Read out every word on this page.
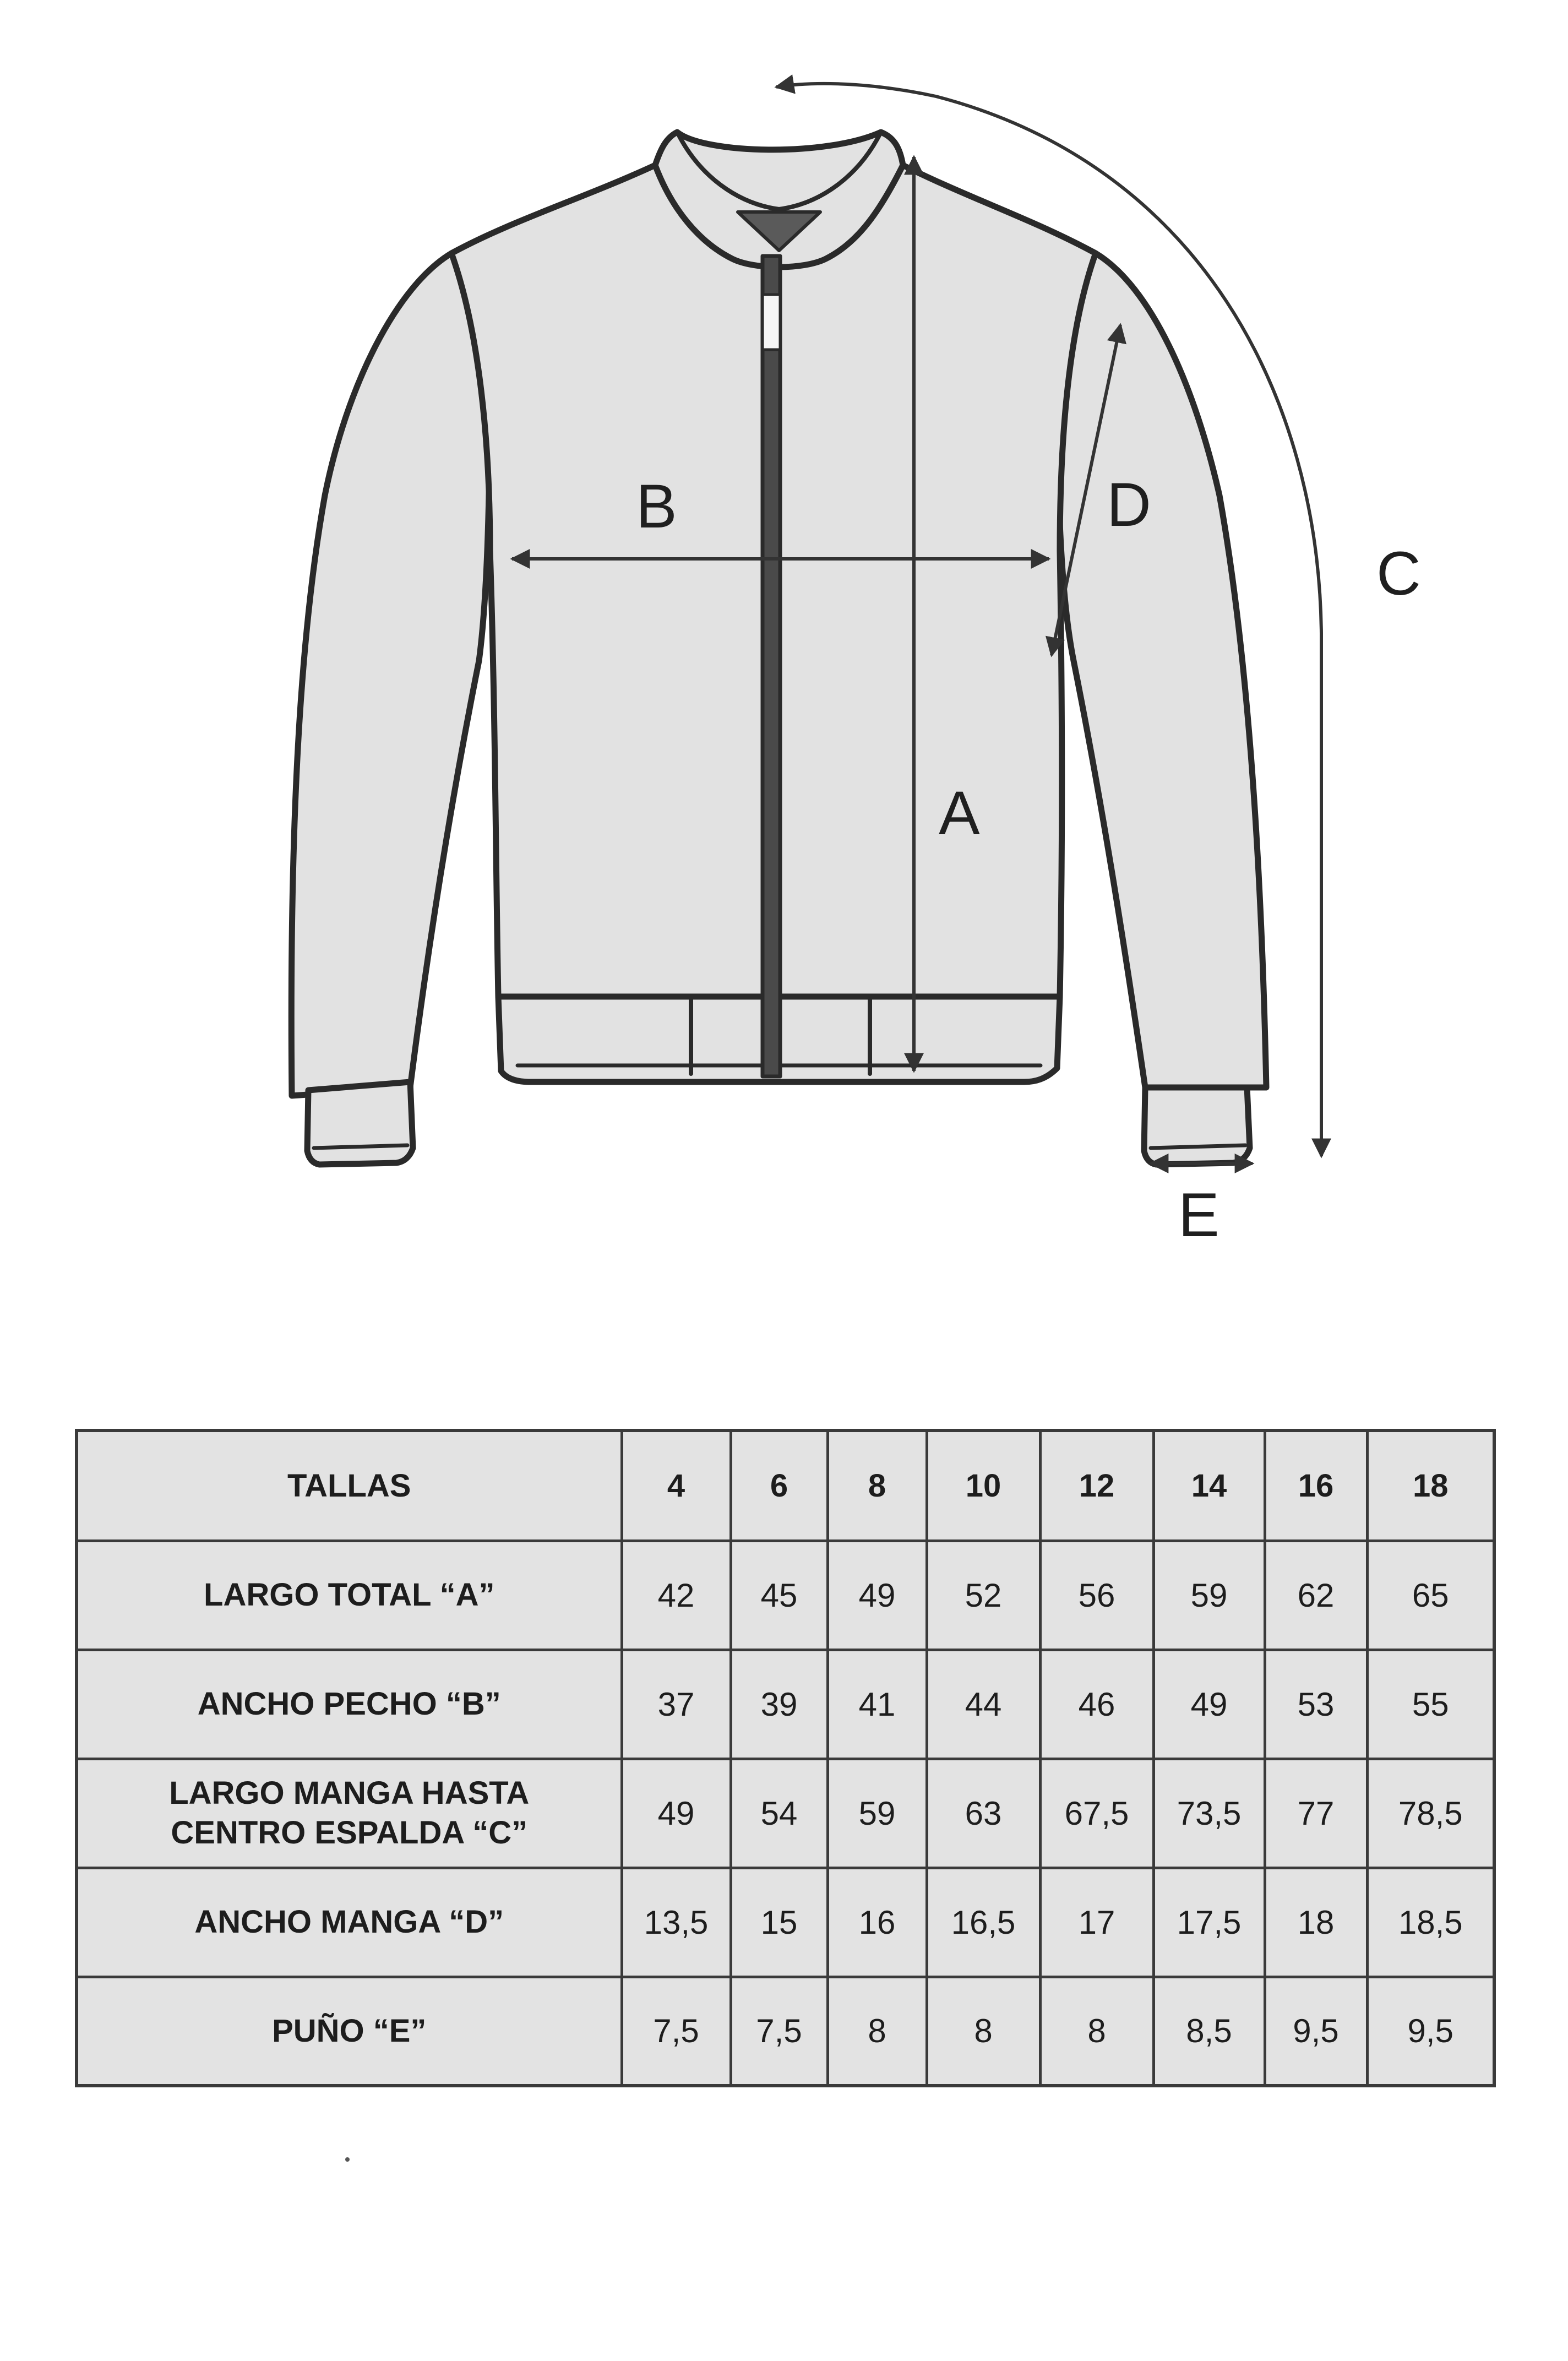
B	D
C
A
E
TALLAS	4	6	8	10	12	14	16	18

LARGO TOTAL “A”	42	45	49	52	56	59	62	65

ANCHO PECHO “B”	37	39	41	44	46	49	53	55

LARGO MANGA HASTA
CENTRO ESPALDA “C”	49	54	59	63	67,5	73,5	77	78,5

ANCHO MANGA “D”	13,5	15	16	16,5	17	17,5	18	18,5

PUÑO “E”	7,5	7,5	8	8	8	8,5	9,5	9,5
